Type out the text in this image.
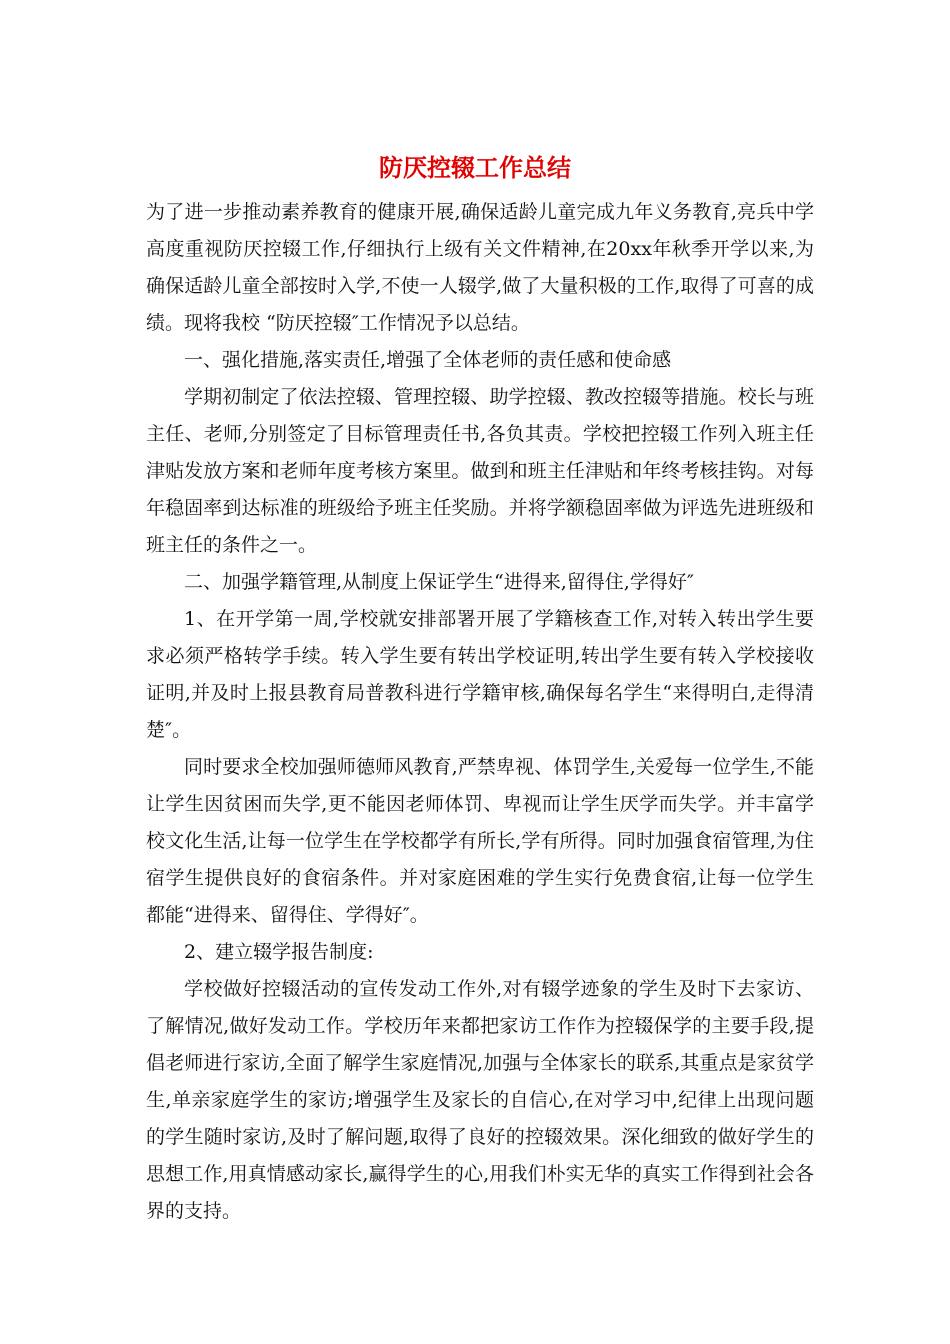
防厌控辍工作总结

为了进一步推动素养教育的健康开展,确保适龄儿童完成九年义务教育,亮兵中学高度重视防厌控辍工作,仔细执行上级有关文件精神,在20xx年秋季开学以来,为确保适龄儿童全部按时入学,不使一人辍学,做了大量积极的工作,取得了可喜的成绩。现将我校 “防厌控辍″工作情况予以总结。

一、强化措施,落实责任,增强了全体老师的责任感和使命感

学期初制定了依法控辍、管理控辍、助学控辍、教改控辍等措施。校长与班主任、老师,分别签定了目标管理责任书,各负其责。学校把控辍工作列入班主任津贴发放方案和老师年度考核方案里。做到和班主任津贴和年终考核挂钩。对每年稳固率到达标准的班级给予班主任奖励。并将学额稳固率做为评选先进班级和班主任的条件之一。

二、加强学籍管理,从制度上保证学生“进得来,留得住,学得好″

1、在开学第一周,学校就安排部署开展了学籍核查工作,对转入转出学生要求必须严格转学手续。转入学生要有转出学校证明,转出学生要有转入学校接收证明,并及时上报县教育局普教科进行学籍审核,确保每名学生“来得明白,走得清楚″。

同时要求全校加强师德师风教育,严禁卑视、体罚学生,关爱每一位学生,不能让学生因贫困而失学,更不能因老师体罚、卑视而让学生厌学而失学。并丰富学校文化生活,让每一位学生在学校都学有所长,学有所得。同时加强食宿管理,为住宿学生提供良好的食宿条件。并对家庭困难的学生实行免费食宿,让每一位学生都能“进得来、留得住、学得好″。

2、建立辍学报告制度:

学校做好控辍活动的宣传发动工作外,对有辍学迹象的学生及时下去家访、了解情况,做好发动工作。学校历年来都把家访工作作为控辍保学的主要手段,提倡老师进行家访,全面了解学生家庭情况,加强与全体家长的联系,其重点是家贫学生,单亲家庭学生的家访;增强学生及家长的自信心,在对学习中,纪律上出现问题的学生随时家访,及时了解问题,取得了良好的控辍效果。深化细致的做好学生的思想工作,用真情感动家长,赢得学生的心,用我们朴实无华的真实工作得到社会各界的支持。
